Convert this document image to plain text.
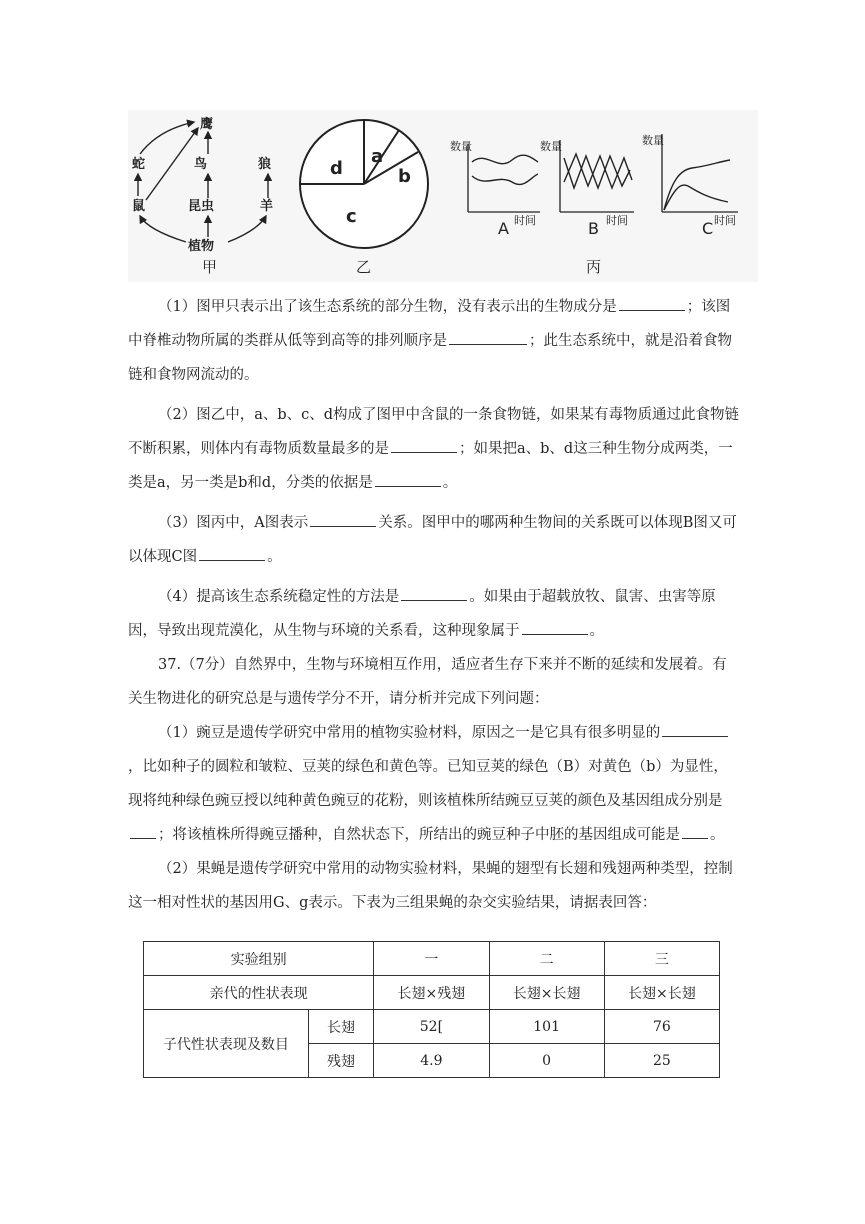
鹰
蛇	鸟	狼
鼠	昆虫	羊
植物
甲
a
b
c
d
乙
数量
时间
A
数量
时间
B
数量
时间
C
丙

（1）图甲只表示出了该生态系统的部分生物，没有表示出的生物成分是	；该图中脊椎动物所属的类群从低等到高等的排列顺序是	；此生态系统中，就是沿着食物链和食物网流动的。

（2）图乙中，a、b、c、d构成了图甲中含鼠的一条食物链，如果某有毒物质通过此食物链不断积累，则体内有毒物质数量最多的是	；如果把a、b、d这三种生物分成两类，一类是a，另一类是b和d，分类的依据是	。

（3）图丙中，A图表示	关系。图甲中的哪两种生物间的关系既可以体现B图又可以体现C图	。

（4）提高该生态系统稳定性的方法是	。如果由于超载放牧、鼠害、虫害等原因，导致出现荒漠化，从生物与环境的关系看，这种现象属于	。

37.（7分）自然界中，生物与环境相互作用，适应者生存下来并不断的延续和发展着。有关生物进化的研究总是与遗传学分不开，请分析并完成下列问题：

（1）豌豆是遗传学研究中常用的植物实验材料，原因之一是它具有很多明显的，比如种子的圆粒和皱粒、豆荚的绿色和黄色等。已知豆荚的绿色（B）对黄色（b）为显性，现将纯种绿色豌豆授以纯种黄色豌豆的花粉，则该植株所结豌豆豆荚的颜色及基因组成分别是；将该植株所得豌豆播种，自然状态下，所结出的豌豆种子中胚的基因组成可能是 。

（2）果蝇是遗传学研究中常用的动物实验材料，果蝇的翅型有长翅和残翅两种类型，控制这一相对性状的基因用G、g表示。下表为三组果蝇的杂交实验结果，请据表回答：

实验组别		一	二	三
亲代的性状表现		长翅×残翅	长翅×长翅	长翅×长翅
子代性状表现及数目	长翅	52[	101	76
	残翅	4.9	0	25
